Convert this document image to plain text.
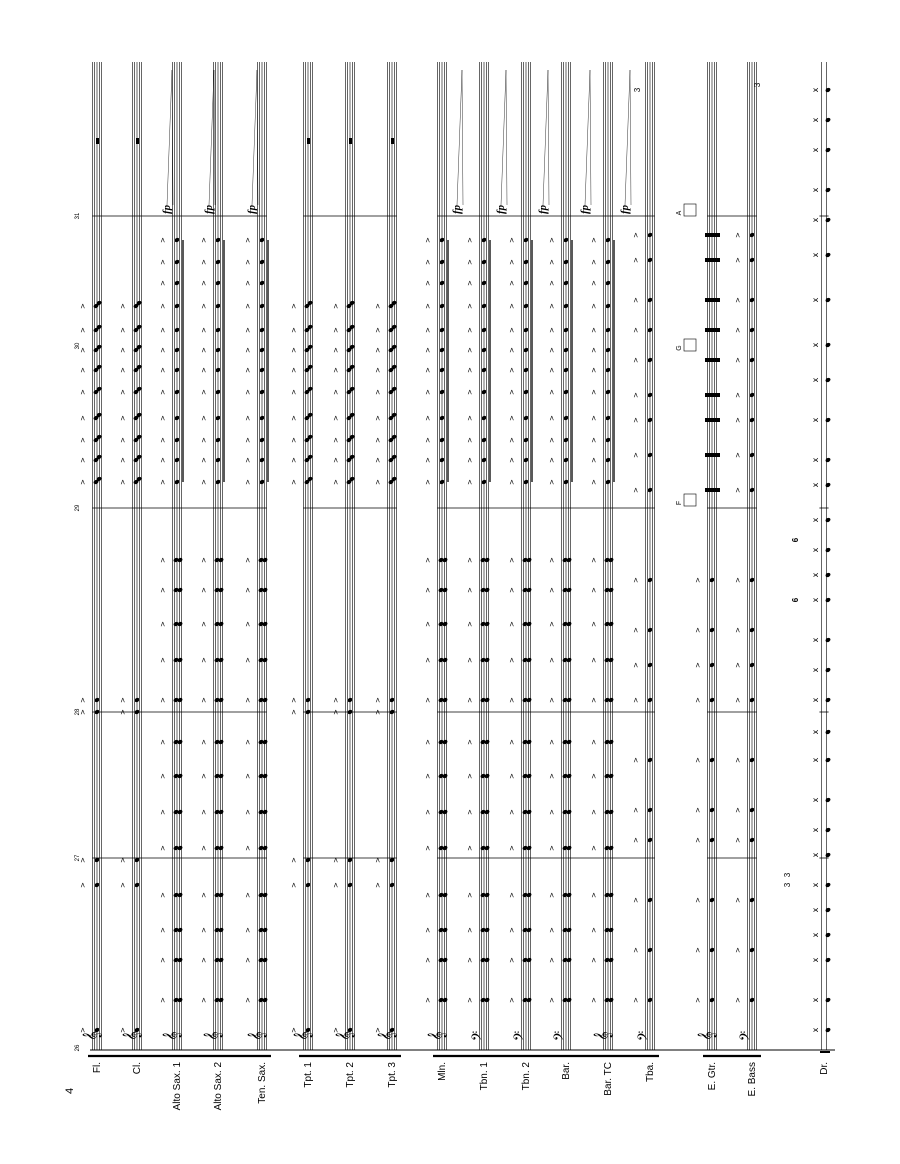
4
>
>
>
>
>
>
>
>
>
>
>
>
>
>
>
>
>
>
>
>
>
>
>
>
>
>
>
>
>
>
>
>
>
>
>
>
>
>
>
>
>
>
>
>
>
>
>
>
>
>
>
>
>
>
>
>
>
>
>
>
>
>
>
>
>
>
>
>
>
>
>
>
>
>
>
>
>
>
>
>
>
>
>
>
>
>
>
>
>
>
>
>
>
>
>
>
>
>
>
>
>
>
>
>
>
>
>
>
>
>
>
>
>
>
>
>
>
>
>
>
>
>
>
>
>
>
>
>
>
>
>
>
>
>
>
>
>
>
>
>
>
>
>
>
>
>
>
>
>
>
>
>
>
>
>
>
>
>
>
>
>
>
>
>
>
>
>
>
>
>
>
>
>
>
>
>
>
>
>
>
>
>
>
>
>
>
>
>
>
>
>
>
>
>
>
>
>
>
>
>
>
>
>
>
>
>
>
>
>
>
>
>
>
>
>
>
>
>
>
>
>
>
>
>
>
>
>
>
>
>
>
>
>
>
>
>
>
>
>
>
>
>
>
>
>
>
>
>
>
>
>
>
>
>
>
>
>
>
>
>
>
>
>
>
>
>
>
>
>
>
>
>
>
>
>
>
>
>
>
>
>
>
>
>
>
>
>
>
>
>
>
>
>
>
>
>
>
>
>
>
>
>
>
>
>
>
>
>
>
>
>
>
>
>
>
>
>
>
x
x
x
x
x
x
x
x
x
x
x
x
x
x
x
x
x
x
x
x
x
x
x
x
x
x
x
x
x
x
𝄞 𝄞 𝄞 𝄞 𝄞 𝄞 𝄞 𝄞 𝄞 𝄢 𝄢 𝄢 𝄞 𝄢	𝄞 𝄢
Fl.	Cl.	Alto Sax. 1	Alto Sax. 2	Ten. Sax.	Tpt. 1	Tpt. 2	Tpt. 3	Mln.	Tbn. 1	Tbn. 2	Bar.	Bar. TC	Tba.	E. Gtr.	E. Bass	Dr.
26
27
28
29
30
31
fp	fp	fp	fp	fp	fp	fp	fp
F
G
A
3
3
3
3
6
6
